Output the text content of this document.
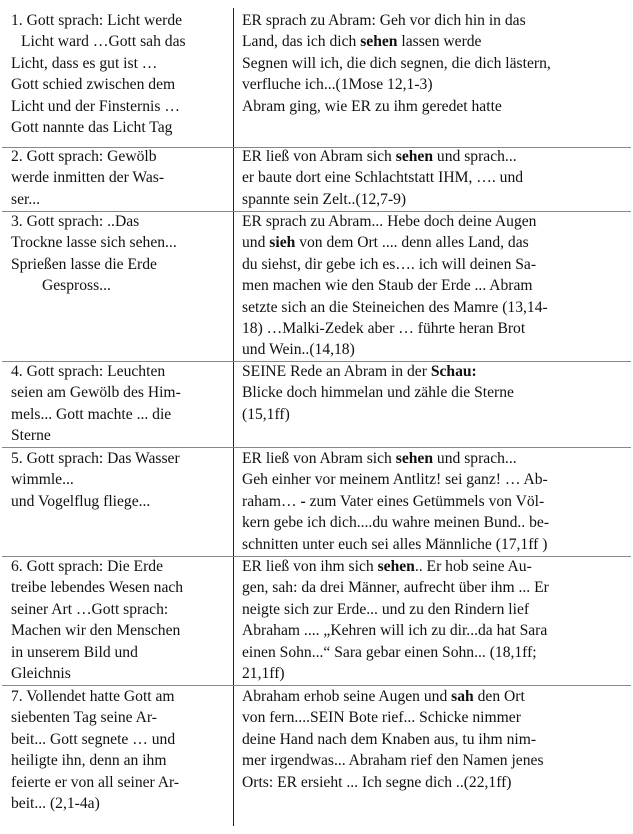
1. Gott sprach: Licht werde
Licht ward …Gott sah das
Licht, dass es gut ist …
Gott schied zwischen dem
Licht und der Finsternis …
Gott nannte das Licht Tag
ER sprach zu Abram: Geh vor dich hin in das
Land, das ich dich sehen lassen werde
Segnen will ich, die dich segnen, die dich lästern,
verfluche ich...(1Mose 12,1-3)
Abram ging, wie ER zu ihm geredet hatte
2. Gott sprach: Gewölb
werde inmitten der Was-
ser...
ER ließ von Abram sich sehen und sprach...
er baute dort eine Schlachtstatt IHM, …. und
spannte sein Zelt..(12,7-9)
3. Gott sprach: ..Das
Trockne lasse sich sehen...
Sprießen lasse die Erde
Gespross...
ER sprach zu Abram... Hebe doch deine Augen
und sieh von dem Ort .... denn alles Land, das
du siehst, dir gebe ich es…. ich will deinen Sa-
men machen wie den Staub der Erde ... Abram
setzte sich an die Steineichen des Mamre (13,14-
18) …Malki-Zedek aber … führte heran Brot
und Wein..(14,18)
4. Gott sprach: Leuchten
seien am Gewölb des Him-
mels... Gott machte ... die
Sterne
SEINE Rede an Abram in der Schau:
Blicke doch himmelan und zähle die Sterne
(15,1ff)
5. Gott sprach: Das Wasser
wimmle...
und Vogelflug fliege...
ER ließ von Abram sich sehen und sprach...
Geh einher vor meinem Antlitz! sei ganz! … Ab-
raham… - zum Vater eines Getümmels von Völ-
kern gebe ich dich....du wahre meinen Bund.. be-
schnitten unter euch sei alles Männliche (17,1ff )
6. Gott sprach: Die Erde
treibe lebendes Wesen nach
seiner Art …Gott sprach:
Machen wir den Menschen
in unserem Bild und
Gleichnis
ER ließ von ihm sich sehen.. Er hob seine Au-
gen, sah: da drei Männer, aufrecht über ihm ... Er
neigte sich zur Erde... und zu den Rindern lief
Abraham .... „Kehren will ich zu dir...da hat Sara
einen Sohn...“ Sara gebar einen Sohn... (18,1ff;
21,1ff)
7. Vollendet hatte Gott am
siebenten Tag seine Ar-
beit... Gott segnete … und
heiligte ihn, denn an ihm
feierte er von all seiner Ar-
beit... (2,1-4a)
Abraham erhob seine Augen und sah den Ort
von fern....SEIN Bote rief... Schicke nimmer
deine Hand nach dem Knaben aus, tu ihm nim-
mer irgendwas... Abraham rief den Namen jenes
Orts: ER ersieht ... Ich segne dich ..(22,1ff)
